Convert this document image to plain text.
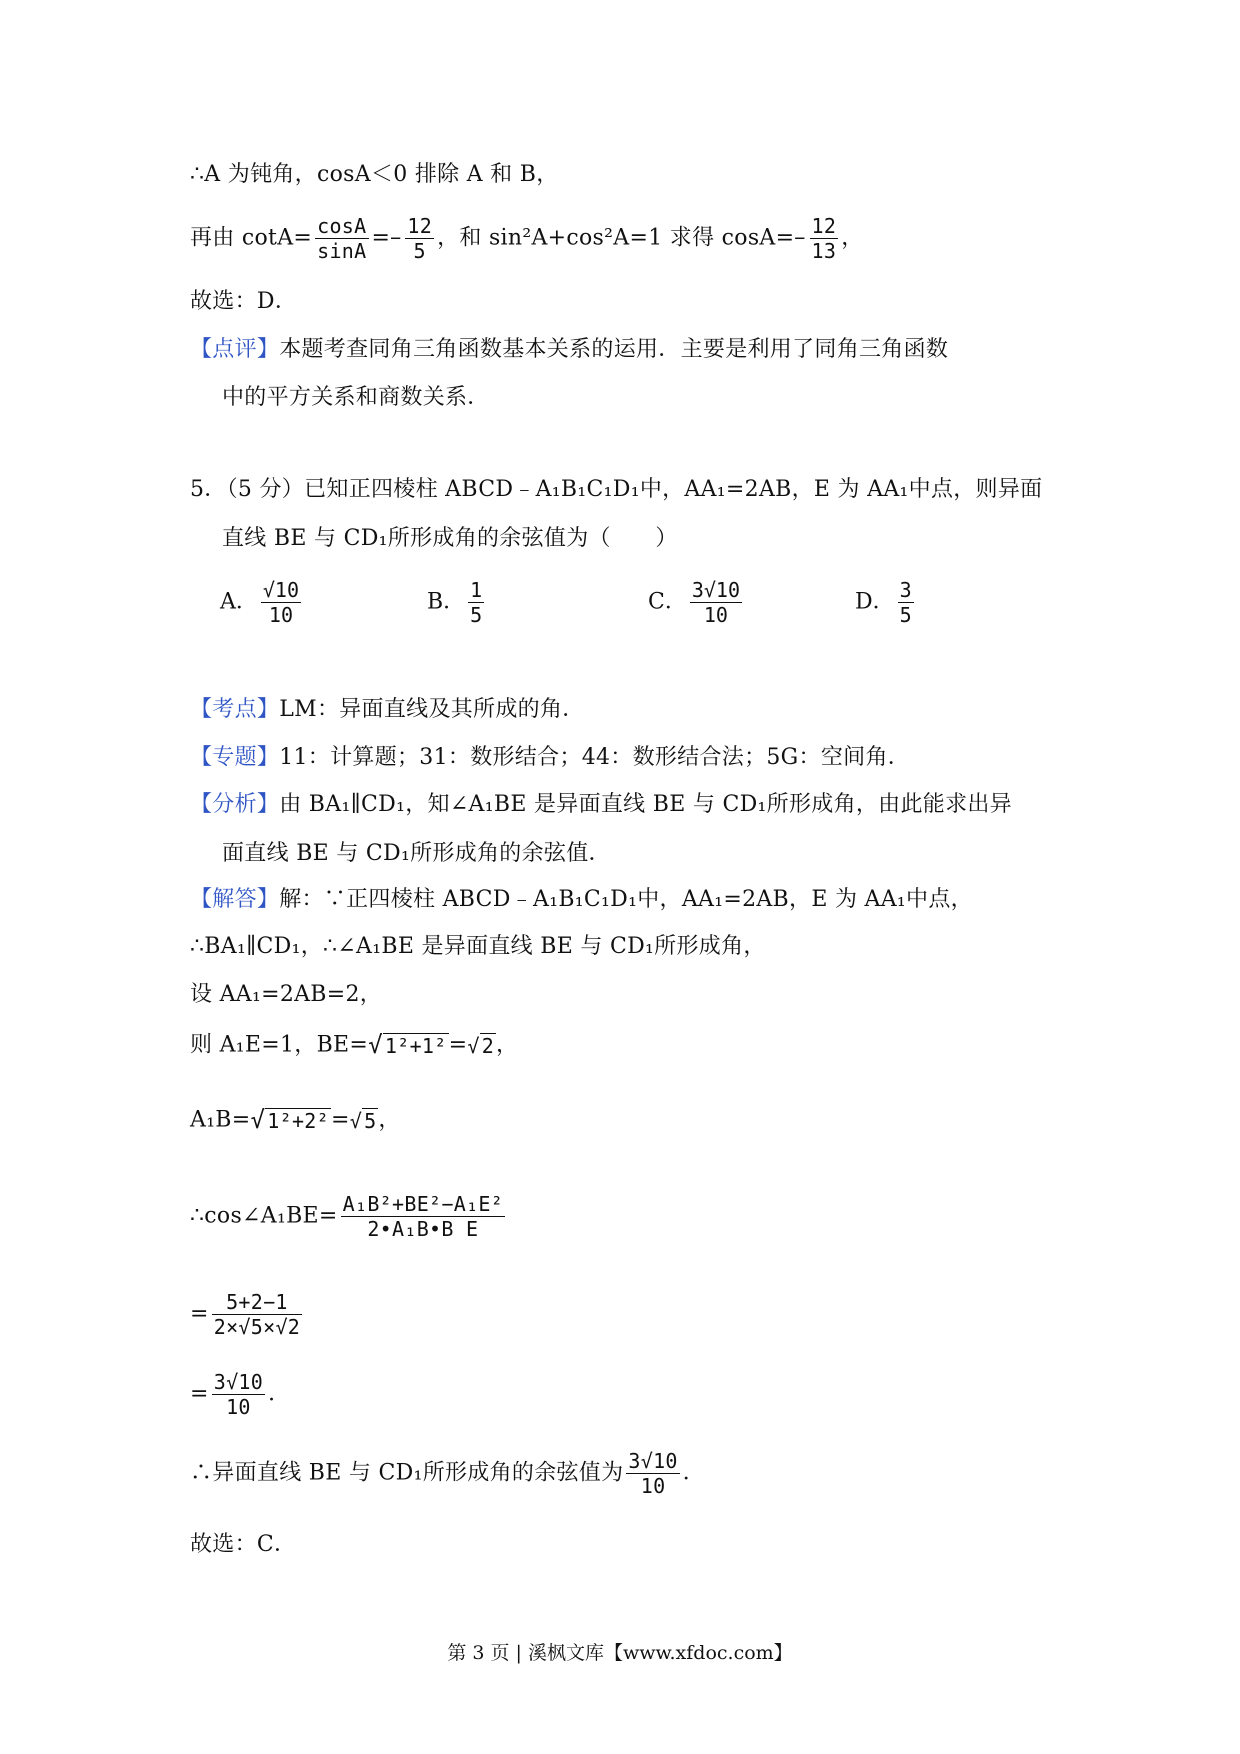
∴A 为钝角，cosA＜0 排除 A 和 B，
再由 $\cot A= \frac{\cos A}{\sin A} =- \frac{12}{5}$ ，和 sin²A+cos²A=1 求得 $\cos A=- \frac{12}{13}$ ，
故选：D．
【点评】本题考查同角三角函数基本关系的运用．主要是利用了同角三角函数
中的平方关系和商数关系．
5．（5 分）已知正四棱柱 ABCD﹣A₁B₁C₁D₁中，AA₁=2AB，E 为 AA₁中点，则异面
直线 BE 与 CD₁所形成角的余弦值为（　　）
A． $\frac{√10}{10}$	B． $\frac{1}{5}$	C． $\frac{3√10}{10}$	D． $\frac{3}{5}$
【考点】LM：异面直线及其所成的角．
【专题】11：计算题；31：数形结合；44：数形结合法；5G：空间角．
【分析】由 BA₁∥CD₁，知∠A₁BE 是异面直线 BE 与 CD₁所形成角，由此能求出异
面直线 BE 与 CD₁所形成角的余弦值．
【解答】解：∵正四棱柱 ABCD﹣A₁B₁C₁D₁中，AA₁=2AB，E 为 AA₁中点，
∴BA₁∥CD₁，∴∠A₁BE 是异面直线 BE 与 CD₁所形成角，
设 AA₁=2AB=2，
则 A₁E=1，BE=√ 1²+1²=√ 2，
A₁B=√ 1²+2²=√ 5，
∴cos∠A₁BE= $\frac{\text{A₁B²+BE²−A₁E²}}{\text{2•A₁B•B E}}$
= $\frac{5+2-1}{2\times√5\times√2}$
= $\frac{3√10}{10}$ ．
∴异面直线 BE 与 CD₁所形成角的余弦值为 $\frac{3√10}{10}$ ．
故选：C．
第 3 页 | 溪枫文库【www.xfdoc.com】
